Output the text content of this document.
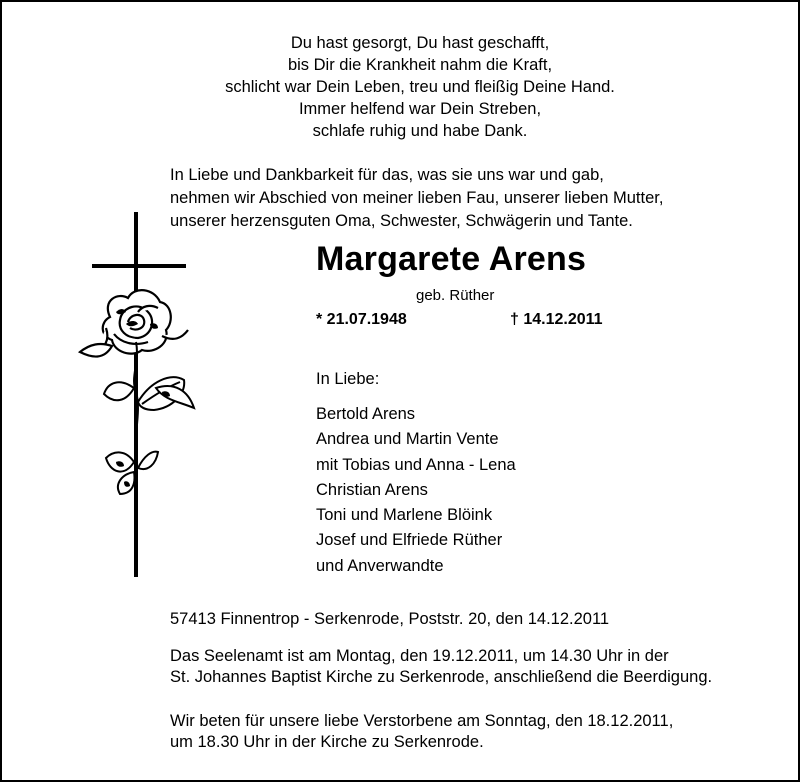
Du hast gesorgt, Du hast geschafft,
bis Dir die Krankheit nahm die Kraft,
schlicht war Dein Leben, treu und fleißig Deine Hand.
Immer helfend war Dein Streben,
schlafe ruhig und habe Dank.
In Liebe und Dankbarkeit für das, was sie uns war und gab,
nehmen wir Abschied von meiner lieben Fau, unserer lieben Mutter,
unserer herzensguten Oma, Schwester, Schwägerin und Tante.
Margarete Arens
geb. Rüther
* 21.07.1948	† 14.12.2011
In Liebe:
Bertold Arens
Andrea und Martin Vente
mit Tobias und Anna - Lena
Christian Arens
Toni und Marlene Blöink
Josef und Elfriede Rüther
und Anverwandte
57413 Finnentrop - Serkenrode, Poststr. 20, den 14.12.2011
Das Seelenamt ist am Montag, den 19.12.2011, um 14.30 Uhr in der
St. Johannes Baptist Kirche zu Serkenrode, anschließend die Beerdigung.
Wir beten für unsere liebe Verstorbene am Sonntag, den 18.12.2011,
um 18.30 Uhr in der Kirche zu Serkenrode.
